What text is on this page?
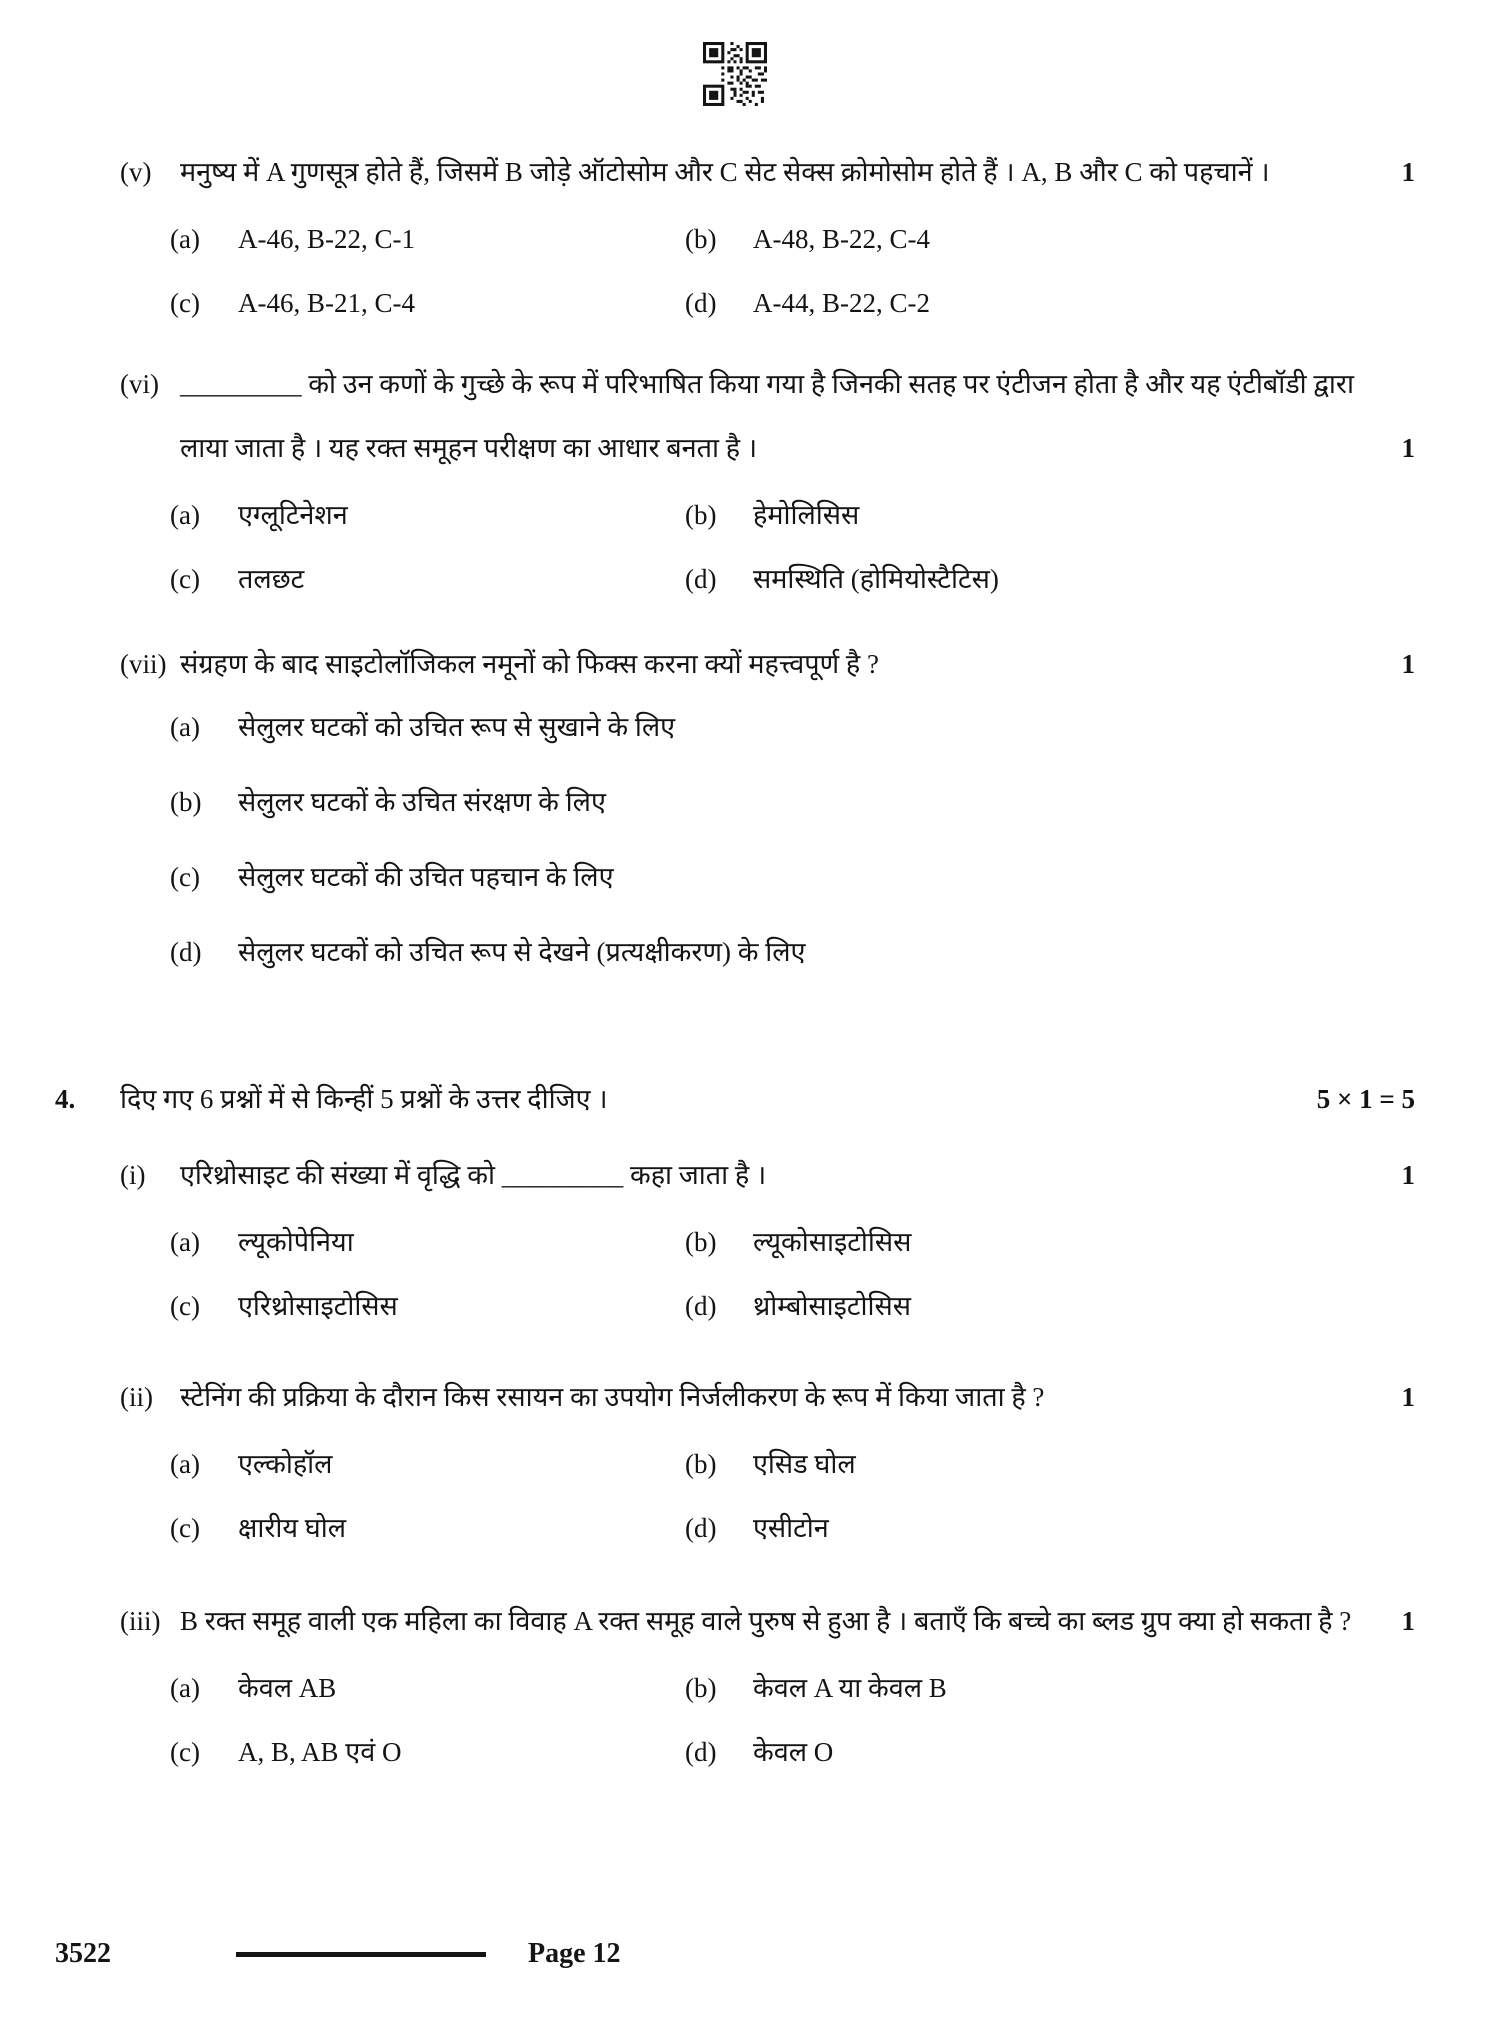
(v)	मनुष्य में A गुणसूत्र होते हैं, जिसमें B जोड़े ऑटोसोम और C सेट सेक्स क्रोमोसोम होते हैं । A, B और C को पहचानें ।	1
(a)	A-46, B-22, C-1	(b)	A-48, B-22, C-4
(c)	A-46, B-21, C-4	(d)	A-44, B-22, C-2
(vi) _________ को उन कणों के गुच्छे के रूप में परिभाषित किया गया है जिनकी सतह पर एंटीजन होता है और यह एंटीबॉडी द्वारा लाया जाता है । यह रक्त समूहन परीक्षण का आधार बनता है ।	1
(a)	एग्लूटिनेशन	(b)	हेमोलिसिस
(c)	तलछट	(d)	समस्थिति (होमियोस्टैटिस)
(vii) संग्रहण के बाद साइटोलॉजिकल नमूनों को फिक्स करना क्यों महत्त्वपूर्ण है ?	1
(a)	सेलुलर घटकों को उचित रूप से सुखाने के लिए
(b)	सेलुलर घटकों के उचित संरक्षण के लिए
(c)	सेलुलर घटकों की उचित पहचान के लिए
(d)	सेलुलर घटकों को उचित रूप से देखने (प्रत्यक्षीकरण) के लिए
4.	दिए गए 6 प्रश्नों में से किन्हीं 5 प्रश्नों के उत्तर दीजिए ।	5 × 1 = 5
(i)	एरिथ्रोसाइट की संख्या में वृद्धि को _________ कहा जाता है ।	1
(a)	ल्यूकोपेनिया	(b)	ल्यूकोसाइटोसिस
(c)	एरिथ्रोसाइटोसिस	(d)	थ्रोम्बोसाइटोसिस
(ii)	स्टेनिंग की प्रक्रिया के दौरान किस रसायन का उपयोग निर्जलीकरण के रूप में किया जाता है ?	1
(a)	एल्कोहॉल	(b)	एसिड घोल
(c)	क्षारीय घोल	(d)	एसीटोन
(iii) B रक्त समूह वाली एक महिला का विवाह A रक्त समूह वाले पुरुष से हुआ है । बताएँ कि बच्चे का ब्लड ग्रुप क्या हो सकता है ?	1
(a)	केवल AB	(b)	केवल A या केवल B
(c)	A, B, AB एवं O	(d)	केवल O
3522	Page 12
